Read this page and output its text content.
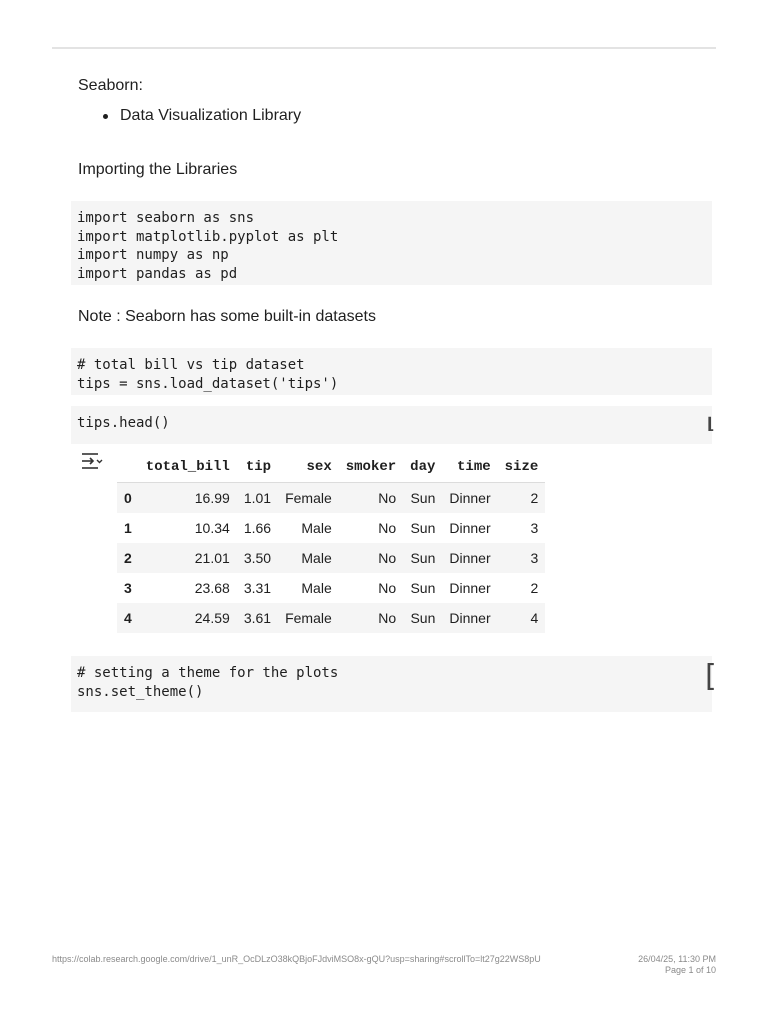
Seaborn:
Data Visualization Library
Importing the Libraries
import seaborn as sns
import matplotlib.pyplot as plt
import numpy as np
import pandas as pd
Note : Seaborn has some built-in datasets
# total bill vs tip dataset
tips = sns.load_dataset('tips')
tips.head()	⌊
	total_bill	tip	sex	smoker	day	time	size
0	16.99	1.01	Female	No	Sun	Dinner	2
1	10.34	1.66	Male	No	Sun	Dinner	3
2	21.01	3.50	Male	No	Sun	Dinner	3
3	23.68	3.31	Male	No	Sun	Dinner	2
4	24.59	3.61	Female	No	Sun	Dinner	4
# setting a theme for the plots
sns.set_theme()	[
https://colab.research.google.com/drive/1_unR_OcDLzO38kQBjoFJdviMSO8x-gQU?usp=sharing#scrollTo=lt27g22WS8pU	26/04/25, 11:30 PM
Page 1 of 10
